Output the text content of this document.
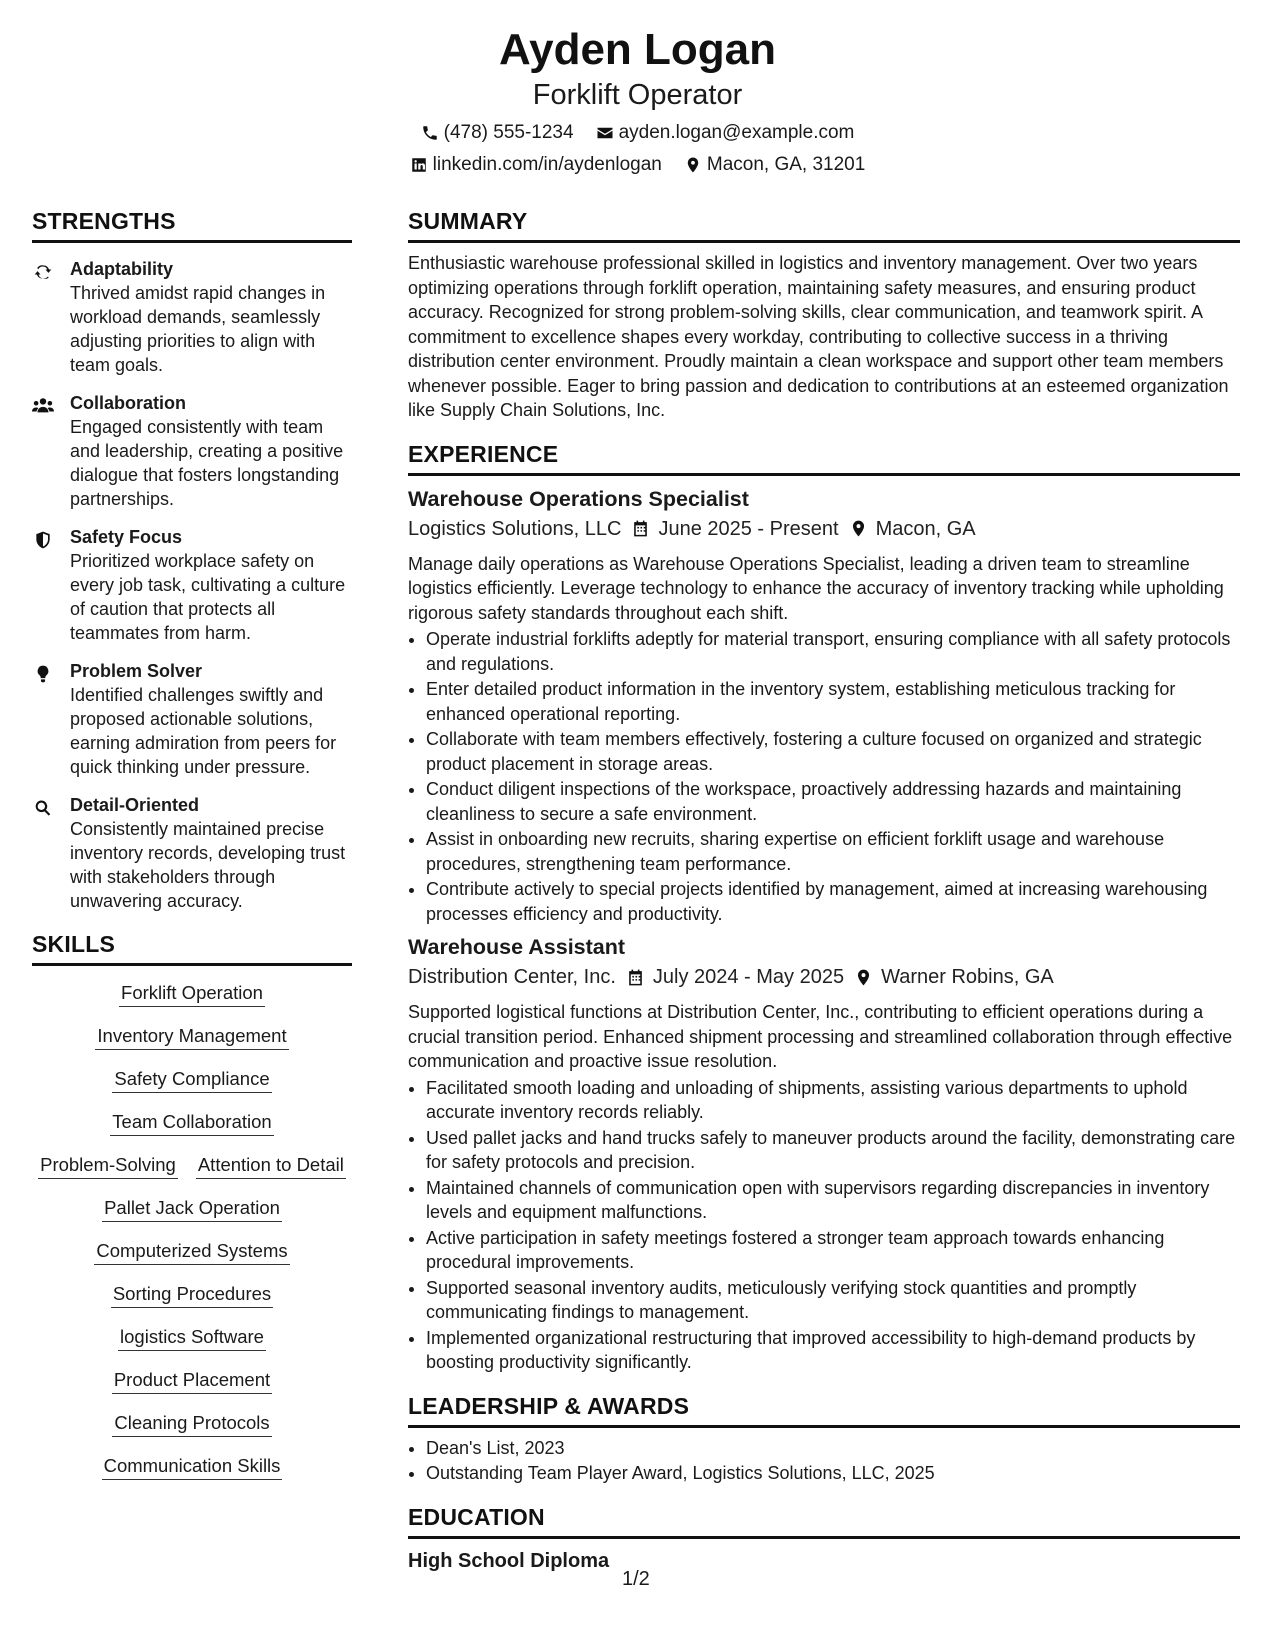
Ayden Logan
Forklift Operator
(478) 555-1234 ayden.logan@example.com
linkedin.com/in/aydenlogan Macon, GA, 31201
STRENGTHS
Adaptability
Thrived amidst rapid changes in workload demands, seamlessly adjusting priorities to align with team goals.
Collaboration
Engaged consistently with team and leadership, creating a positive dialogue that fosters longstanding partnerships.
Safety Focus
Prioritized workplace safety on every job task, cultivating a culture of caution that protects all teammates from harm.
Problem Solver
Identified challenges swiftly and proposed actionable solutions, earning admiration from peers for quick thinking under pressure.
Detail-Oriented
Consistently maintained precise inventory records, developing trust with stakeholders through unwavering accuracy.
SKILLS
Forklift Operation
Inventory Management
Safety Compliance
Team Collaboration
Problem-Solving Attention to Detail
Pallet Jack Operation
Computerized Systems
Sorting Procedures
logistics Software
Product Placement
Cleaning Protocols
Communication Skills
SUMMARY

Enthusiastic warehouse professional skilled in logistics and inventory management. Over two years optimizing operations through forklift operation, maintaining safety measures, and ensuring product accuracy. Recognized for strong problem-solving skills, clear communication, and teamwork spirit. A commitment to excellence shapes every workday, contributing to collective success in a thriving distribution center environment. Proudly maintain a clean workspace and support other team members whenever possible. Eager to bring passion and dedication to contributions at an esteemed organization like Supply Chain Solutions, Inc.

EXPERIENCE
Warehouse Operations Specialist
Logistics Solutions, LLC June 2025 - Present Macon, GA
Manage daily operations as Warehouse Operations Specialist, leading a driven team to streamline logistics efficiently. Leverage technology to enhance the accuracy of inventory tracking while upholding rigorous safety standards throughout each shift.
• Operate industrial forklifts adeptly for material transport, ensuring compliance with all safety protocols and regulations.
• Enter detailed product information in the inventory system, establishing meticulous tracking for enhanced operational reporting.
• Collaborate with team members effectively, fostering a culture focused on organized and strategic product placement in storage areas.
• Conduct diligent inspections of the workspace, proactively addressing hazards and maintaining cleanliness to secure a safe environment.
• Assist in onboarding new recruits, sharing expertise on efficient forklift usage and warehouse procedures, strengthening team performance.
• Contribute actively to special projects identified by management, aimed at increasing warehousing processes efficiency and productivity.
Warehouse Assistant
Distribution Center, Inc. July 2024 - May 2025 Warner Robins, GA
Supported logistical functions at Distribution Center, Inc., contributing to efficient operations during a crucial transition period. Enhanced shipment processing and streamlined collaboration through effective communication and proactive issue resolution.
• Facilitated smooth loading and unloading of shipments, assisting various departments to uphold accurate inventory records reliably.
• Used pallet jacks and hand trucks safely to maneuver products around the facility, demonstrating care for safety protocols and precision.
• Maintained channels of communication open with supervisors regarding discrepancies in inventory levels and equipment malfunctions.
• Active participation in safety meetings fostered a stronger team approach towards enhancing procedural improvements.
• Supported seasonal inventory audits, meticulously verifying stock quantities and promptly communicating findings to management.
• Implemented organizational restructuring that improved accessibility to high-demand products by boosting productivity significantly.
LEADERSHIP & AWARDS
• Dean's List, 2023
• Outstanding Team Player Award, Logistics Solutions, LLC, 2025
EDUCATION
High School Diploma
1/2
